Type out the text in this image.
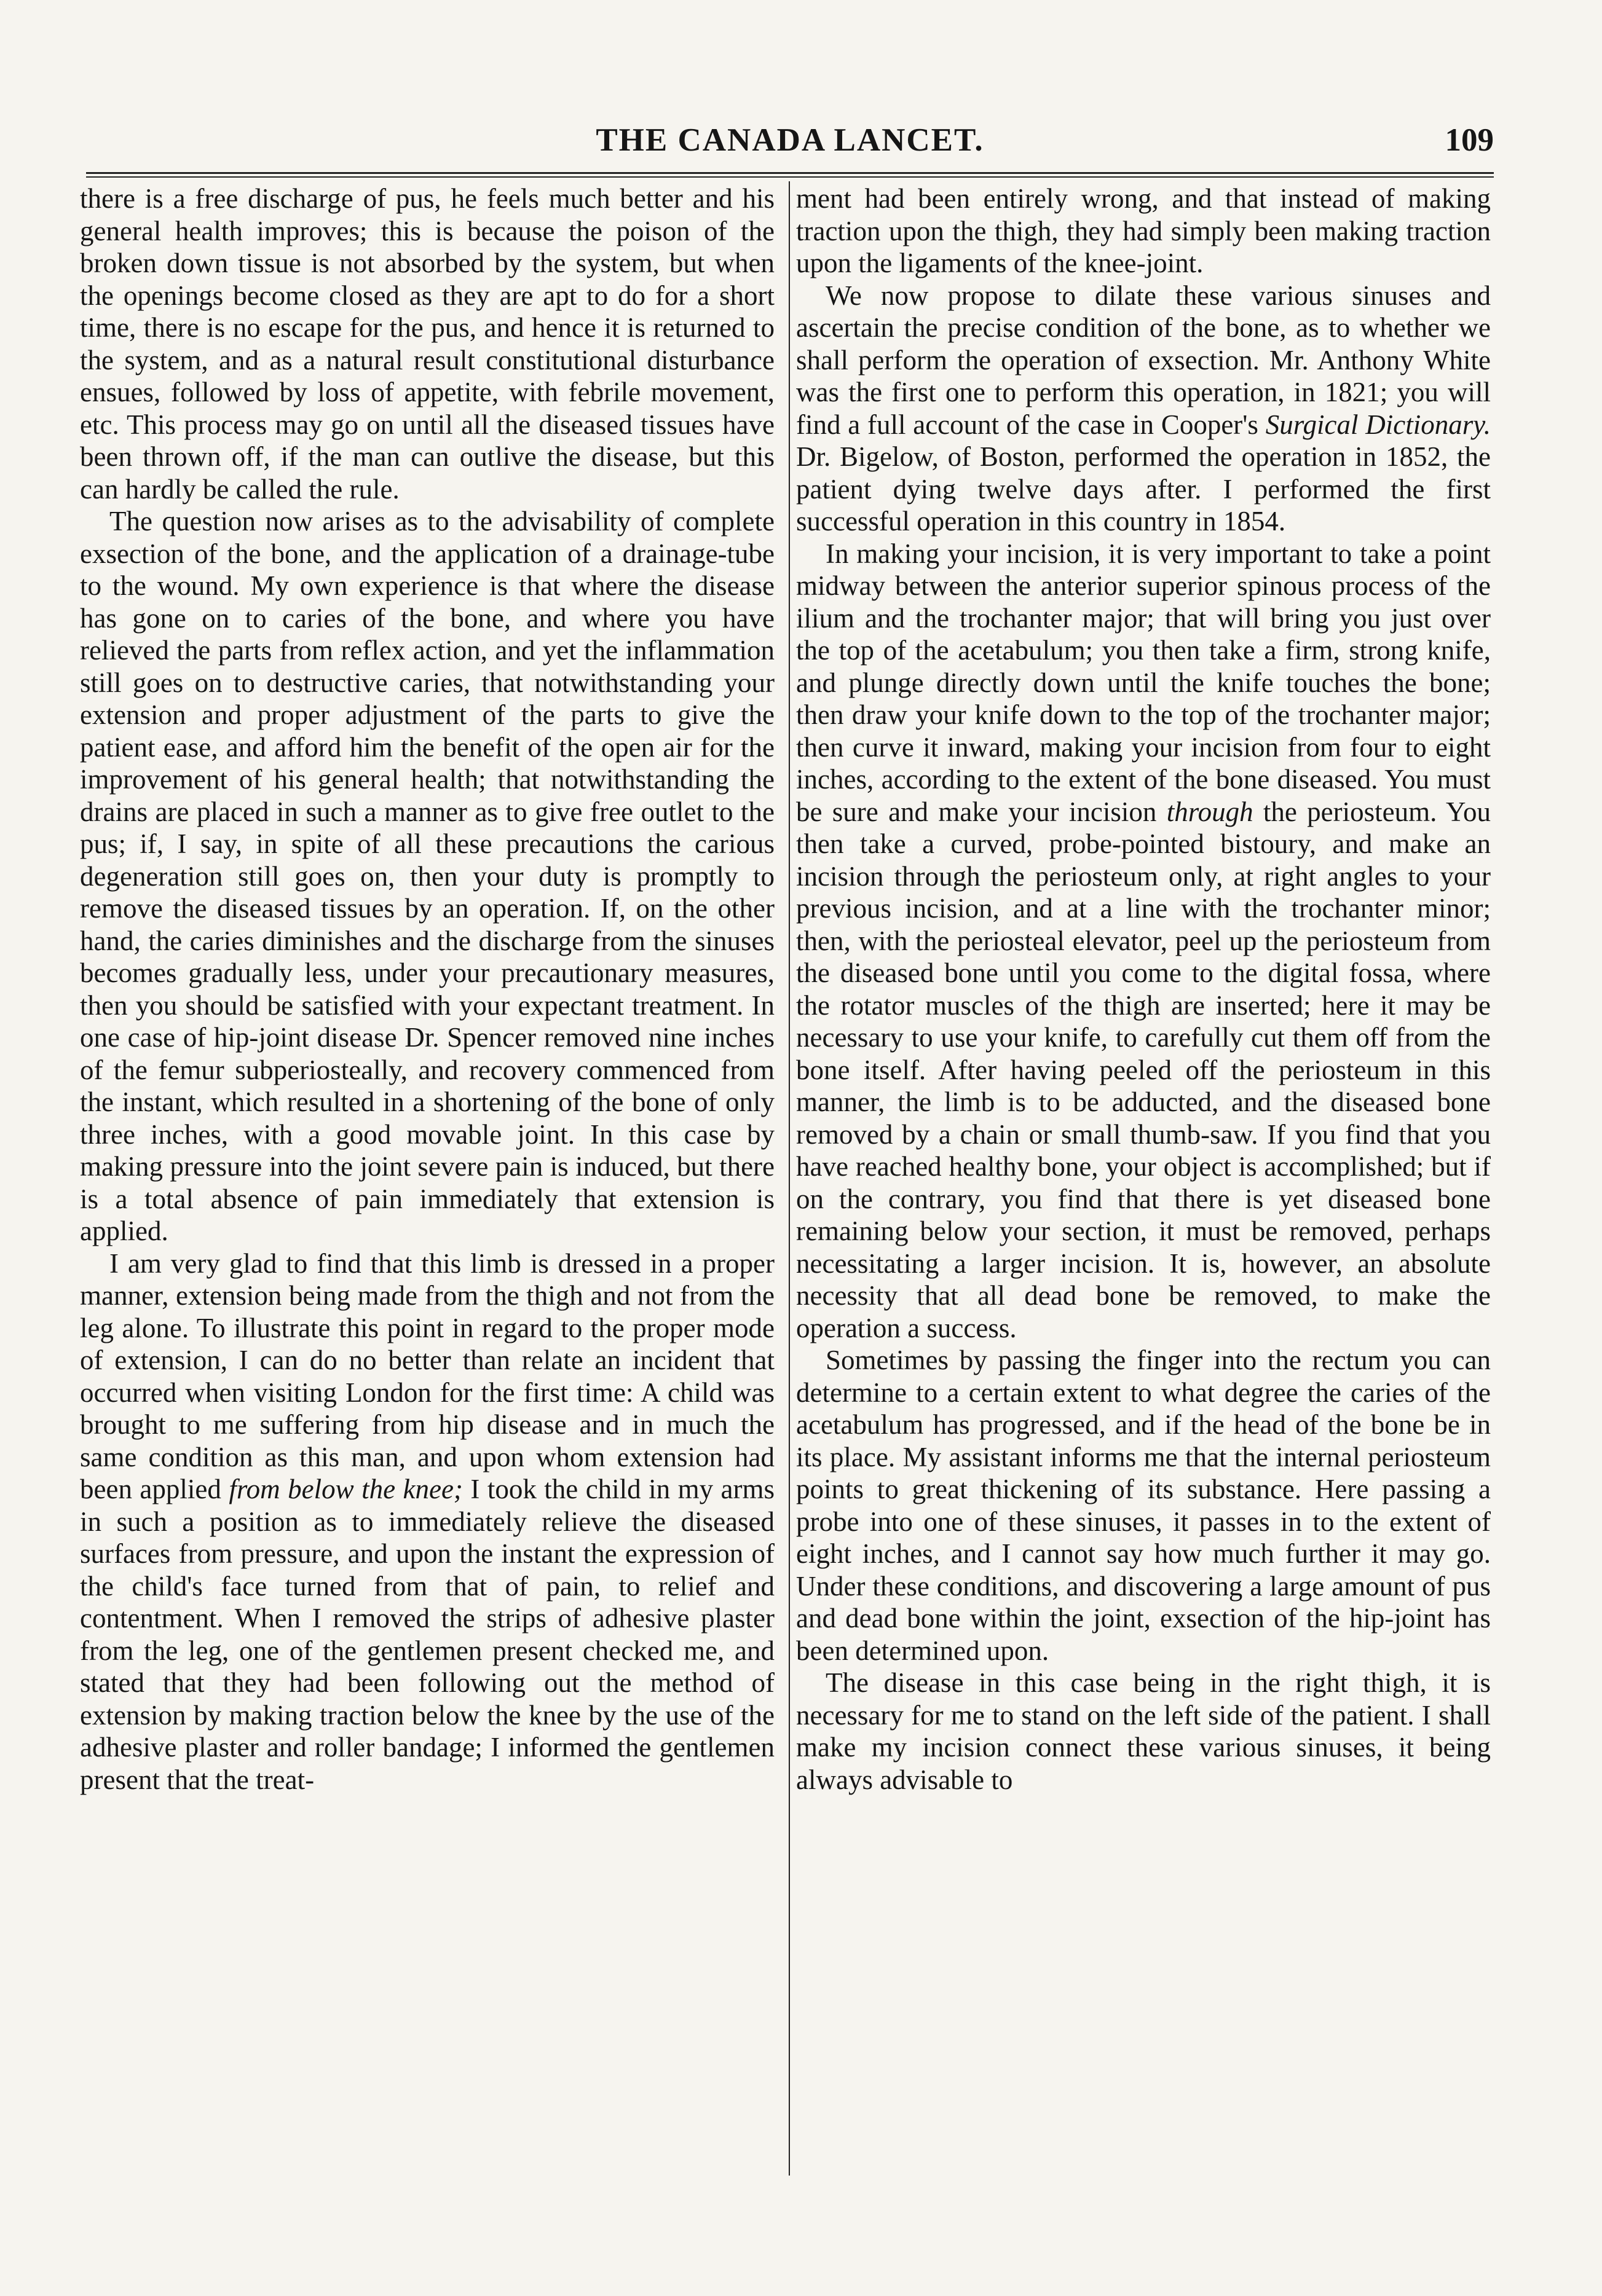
THE CANADA LANCET.	109

there is a free discharge of pus, he feels much better and his general health improves; this is because the poison of the broken down tissue is not absorbed by the system, but when the openings become closed as they are apt to do for a short time, there is no escape for the pus, and hence it is returned to the system, and as a natural result constitutional disturbance ensues, followed by loss of appetite, with febrile movement, etc. This process may go on until all the diseased tissues have been thrown off, if the man can outlive the disease, but this can hardly be called the rule.

The question now arises as to the advisability of complete exsection of the bone, and the application of a drainage-tube to the wound. My own experience is that where the disease has gone on to caries of the bone, and where you have relieved the parts from reflex action, and yet the inflammation still goes on to destructive caries, that notwithstanding your extension and proper adjustment of the parts to give the patient ease, and afford him the benefit of the open air for the improvement of his general health; that notwithstanding the drains are placed in such a manner as to give free outlet to the pus; if, I say, in spite of all these precautions the carious degeneration still goes on, then your duty is promptly to remove the diseased tissues by an operation. If, on the other hand, the caries diminishes and the discharge from the sinuses becomes gradually less, under your precautionary measures, then you should be satisfied with your expectant treatment. In one case of hip-joint disease Dr. Spencer removed nine inches of the femur subperiosteally, and recovery commenced from the instant, which resulted in a shortening of the bone of only three inches, with a good movable joint. In this case by making pressure into the joint severe pain is induced, but there is a total absence of pain immediately that extension is applied.

I am very glad to find that this limb is dressed in a proper manner, extension being made from the thigh and not from the leg alone. To illustrate this point in regard to the proper mode of extension, I can do no better than relate an incident that occurred when visiting London for the first time: A child was brought to me suffering from hip disease and in much the same condition as this man, and upon whom extension had been applied from below the knee; I took the child in my arms in such a position as to immediately relieve the diseased surfaces from pressure, and upon the instant the expression of the child's face turned from that of pain, to relief and contentment. When I removed the strips of adhesive plaster from the leg, one of the gentlemen present checked me, and stated that they had been following out the method of extension by making traction below the knee by the use of the adhesive plaster and roller bandage; I informed the gentlemen present that the treat-

ment had been entirely wrong, and that instead of making traction upon the thigh, they had simply been making traction upon the ligaments of the knee-joint.

We now propose to dilate these various sinuses and ascertain the precise condition of the bone, as to whether we shall perform the operation of exsection. Mr. Anthony White was the first one to perform this operation, in 1821; you will find a full account of the case in Cooper's Surgical Dictionary. Dr. Bigelow, of Boston, performed the operation in 1852, the patient dying twelve days after. I performed the first successful operation in this country in 1854.

In making your incision, it is very important to take a point midway between the anterior superior spinous process of the ilium and the trochanter major; that will bring you just over the top of the acetabulum; you then take a firm, strong knife, and plunge directly down until the knife touches the bone; then draw your knife down to the top of the trochanter major; then curve it inward, making your incision from four to eight inches, according to the extent of the bone diseased. You must be sure and make your incision through the periosteum. You then take a curved, probe-pointed bistoury, and make an incision through the periosteum only, at right angles to your previous incision, and at a line with the trochanter minor; then, with the periosteal elevator, peel up the periosteum from the diseased bone until you come to the digital fossa, where the rotator muscles of the thigh are inserted; here it may be necessary to use your knife, to carefully cut them off from the bone itself. After having peeled off the periosteum in this manner, the limb is to be adducted, and the diseased bone removed by a chain or small thumb-saw. If you find that you have reached healthy bone, your object is accomplished; but if on the contrary, you find that there is yet diseased bone remaining below your section, it must be removed, perhaps necessitating a larger incision. It is, however, an absolute necessity that all dead bone be removed, to make the operation a success.

Sometimes by passing the finger into the rectum you can determine to a certain extent to what degree the caries of the acetabulum has progressed, and if the head of the bone be in its place. My assistant informs me that the internal periosteum points to great thickening of its substance. Here passing a probe into one of these sinuses, it passes in to the extent of eight inches, and I cannot say how much further it may go. Under these conditions, and discovering a large amount of pus and dead bone within the joint, exsection of the hip-joint has been determined upon.

The disease in this case being in the right thigh, it is necessary for me to stand on the left side of the patient. I shall make my incision connect these various sinuses, it being always advisable to
